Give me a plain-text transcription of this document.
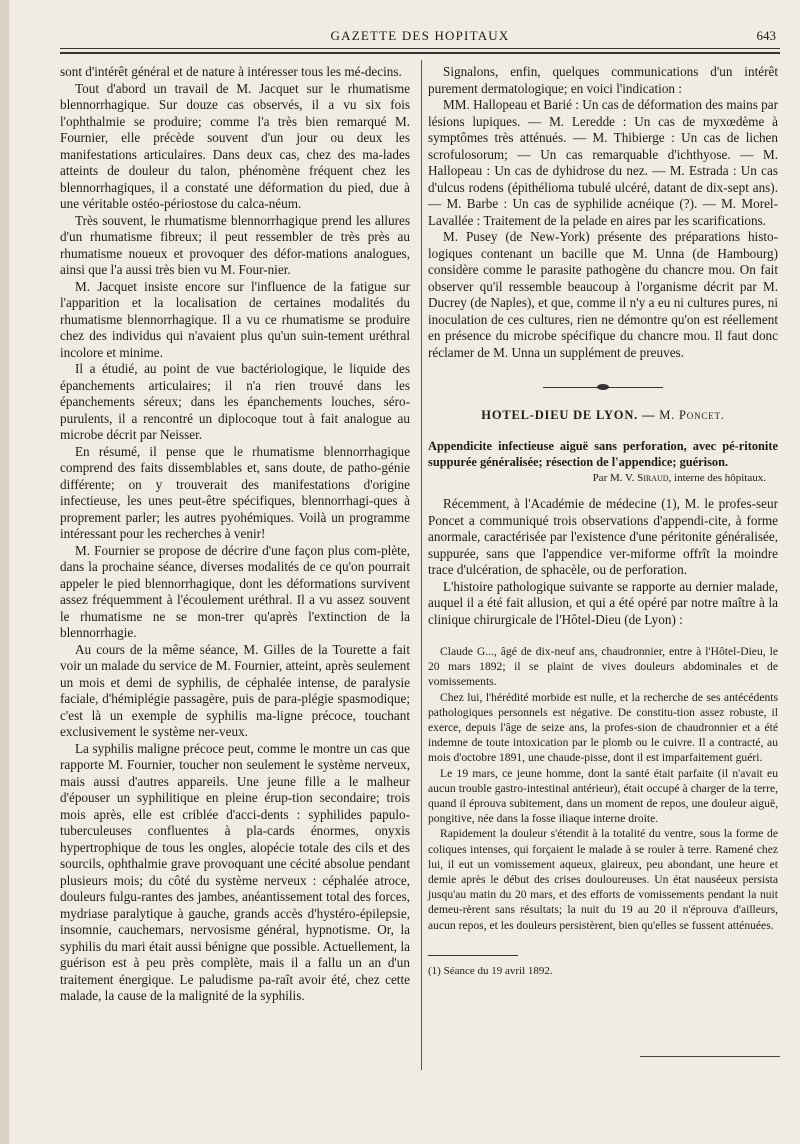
GAZETTE DES HOPITAUX	643

sont d'intérêt général et de nature à intéresser tous les mé-decins.

Tout d'abord un travail de M. Jacquet sur le rhumatisme blennorrhagique. Sur douze cas observés, il a vu six fois l'ophthalmie se produire; comme l'a très bien remarqué M. Fournier, elle précède souvent d'un jour ou deux les manifestations articulaires. Dans deux cas, chez des ma-lades atteints de douleur du talon, phénomène fréquent chez les blennorrhagiques, il a constaté une déformation du pied, due à une véritable ostéo-périostose du calca-néum.

Très souvent, le rhumatisme blennorrhagique prend les allures d'un rhumatisme fibreux; il peut ressembler de très près au rhumatisme noueux et provoquer des défor-mations analogues, ainsi que l'a aussi très bien vu M. Four-nier.

M. Jacquet insiste encore sur l'influence de la fatigue sur l'apparition et la localisation de certaines modalités du rhumatisme blennorrhagique. Il a vu ce rhumatisme se produire chez des individus qui n'avaient plus qu'un suin-tement uréthral incolore et minime.

Il a étudié, au point de vue bactériologique, le liquide des épanchements articulaires; il n'a rien trouvé dans les épanchements séreux; dans les épanchements louches, séro-purulents, il a rencontré un diplocoque tout à fait analogue au microbe décrit par Neisser.

En résumé, il pense que le rhumatisme blennorrhagique comprend des faits dissemblables et, sans doute, de patho-génie différente; on y trouverait des manifestations d'origine infectieuse, les unes peut-être spécifiques, blennorrhagi-ques à proprement parler; les autres pyohémiques. Voilà un programme intéressant pour les recherches à venir!

M. Fournier se propose de décrire d'une façon plus com-plète, dans la prochaine séance, diverses modalités de ce qu'on pourrait appeler le pied blennorrhagique, dont les déformations survivent assez fréquemment à l'écoulement uréthral. Il a vu assez souvent le rhumatisme ne se mon-trer qu'après l'extinction de la blennorrhagie.

Au cours de la même séance, M. Gilles de la Tourette a fait voir un malade du service de M. Fournier, atteint, après seulement un mois et demi de syphilis, de céphalée intense, de paralysie faciale, d'hémiplégie passagère, puis de para-plégie spasmodique; c'est là un exemple de syphilis ma-ligne précoce, touchant exclusivement le système ner-veux.

La syphilis maligne précoce peut, comme le montre un cas que rapporte M. Fournier, toucher non seulement le système nerveux, mais aussi d'autres appareils. Une jeune fille a le malheur d'épouser un syphilitique en pleine érup-tion secondaire; trois mois après, elle est criblée d'acci-dents : syphilides papulo-tuberculeuses confluentes à pla-cards énormes, onyxis hypertrophique de tous les ongles, alopécie totale des cils et des sourcils, ophthalmie grave provoquant une cécité absolue pendant plusieurs mois; du côté du système nerveux : céphalée atroce, douleurs fulgu-rantes des jambes, anéantissement total des forces, mydriase paralytique à gauche, grands accès d'hystéro-épilepsie, insomnie, cauchemars, nervosisme général, hypnotisme. Or, la syphilis du mari était aussi bénigne que possible. Actuellement, la guérison est à peu près complète, mais il a fallu un an d'un traitement énergique. Le paludisme pa-raît avoir été, chez cette malade, la cause de la malignité de la syphilis.

Signalons, enfin, quelques communications d'un intérêt purement dermatologique; en voici l'indication :

MM. Hallopeau et Barié : Un cas de déformation des mains par lésions lupiques. — M. Leredde : Un cas de myxœdème à symptômes très atténués. — M. Thibierge : Un cas de lichen scrofulosorum; — Un cas remarquable d'ichthyose. — M. Hallopeau : Un cas de dyhidrose du nez. — M. Estrada : Un cas d'ulcus rodens (épithélioma tubulé ulcéré, datant de dix-sept ans). — M. Barbe : Un cas de syphilide acnéique (?). — M. Morel-Lavallée : Traitement de la pelade en aires par les scarifications.

M. Pusey (de New-York) présente des préparations histo-logiques contenant un bacille que M. Unna (de Hambourg) considère comme le parasite pathogène du chancre mou. On fait observer qu'il ressemble beaucoup à l'organisme décrit par M. Ducrey (de Naples), et que, comme il n'y a eu ni cultures pures, ni inoculation de ces cultures, rien ne démontre qu'on est réellement en présence du microbe spécifique du chancre mou. Il faut donc réclamer de M. Unna un supplément de preuves.

HOTEL-DIEU DE LYON. — M. Poncet.

Appendicite infectieuse aiguë sans perforation, avec pé-ritonite suppurée généralisée; résection de l'appendice; guérison.

Par M. V. Siraud, interne des hôpitaux.

Récemment, à l'Académie de médecine (1), M. le profes-seur Poncet a communiqué trois observations d'appendi-cite, à forme anormale, caractérisée par l'existence d'une péritonite généralisée, suppurée, sans que l'appendice ver-miforme offrît la moindre trace d'ulcération, de sphacèle, ou de perforation.

L'histoire pathologique suivante se rapporte au dernier malade, auquel il a été fait allusion, et qui a été opéré par notre maître à la clinique chirurgicale de l'Hôtel-Dieu (de Lyon) :

Claude G..., âgé de dix-neuf ans, chaudronnier, entre à l'Hôtel-Dieu, le 20 mars 1892; il se plaint de vives douleurs abdominales et de vomissements.

Chez lui, l'hérédité morbide est nulle, et la recherche de ses antécédents pathologiques personnels est négative. De constitu-tion assez robuste, il exerce, depuis l'âge de seize ans, la profes-sion de chaudronnier et a été indemne de toute intoxication par le plomb ou le cuivre. Il a contracté, au mois d'octobre 1891, une chaude-pisse, dont il est imparfaitement guéri.

Le 19 mars, ce jeune homme, dont la santé était parfaite (il n'avait eu aucun trouble gastro-intestinal antérieur), était occupé à charger de la terre, quand il éprouva subitement, dans un moment de repos, une douleur aiguë, pongitive, née dans la fosse iliaque interne droite.

Rapidement la douleur s'étendit à la totalité du ventre, sous la forme de coliques intenses, qui forçaient le malade à se rouler à terre. Ramené chez lui, il eut un vomissement aqueux, glaireux, peu abondant, une heure et demie après le début des crises douloureuses. Un état nauséeux persista jusqu'au matin du 20 mars, et des efforts de vomissements pendant la nuit demeu-rèrent sans résultats; la nuit du 19 au 20 il n'éprouva d'ailleurs, aucun repos, et les douleurs persistèrent, bien qu'elles se fussent atténuées.

(1) Séance du 19 avril 1892.
